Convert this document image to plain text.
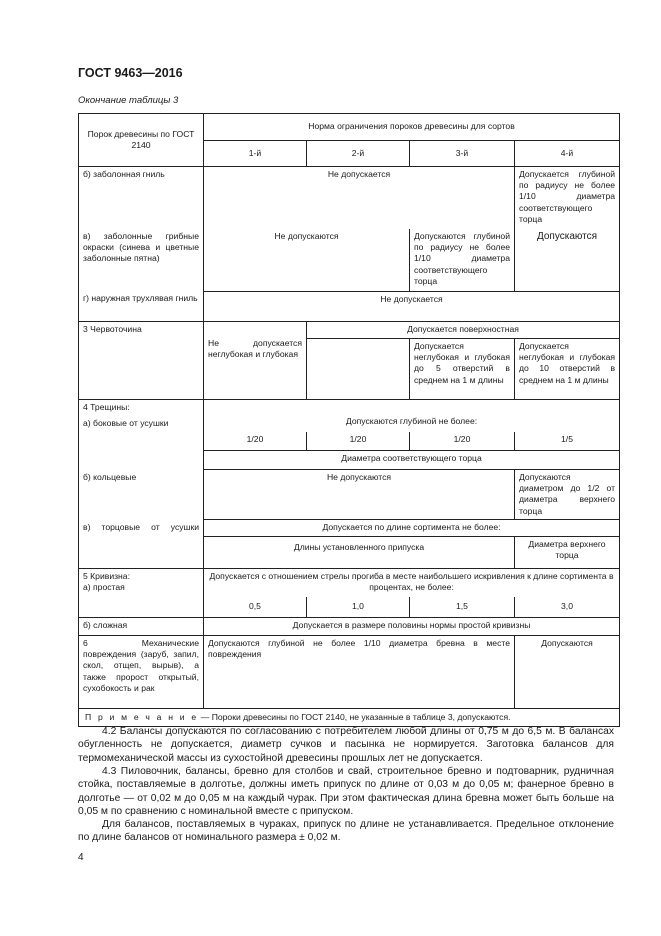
ГОСТ 9463—2016
Окончание таблицы 3
Порок древесины по ГОСТ 2140	Норма ограничения пороков древесины для сортов			
	1-й	2-й	3-й	4-й
б) заболонная гниль	Не допускается			Допускается глубиной по радиусу не более 1/10 диаметра соответствующего торца
в) заболонные грибные окраски (синева и цветные заболонные пятна)	Не допускаются		Допускаются глубиной по радиусу не более 1/10 диаметра соответствующего торца	Допускаются
г) наружная трухлявая гниль	Не допускается			
3 Червоточина	Не допускается неглубокая и глубокая	Допускается поверхностная		
			Допускается неглубокая и глубокая до 5 отверстий в среднем на 1 м длины	Допускается неглубокая и глубокая до 10 отверстий в среднем на 1 м длины

4 Трещины:
а) боковые от усушки	Допускаются глубиной не более:			
	1/20	1/20	1/20	1/5
	Диаметра соответствующего торца			
б) кольцевые	Не допускаются			Допускаются диаметром до 1/2 от диаметра верхнего торца
в) торцовые от усушки	Допускается по длине сортимента не более:			
	Длины установленного припуска			Диаметра верхнего торца

5 Кривизна:
а) простая	Допускается с отношением стрелы прогиба в месте наибольшего искривления к длине сортимента в процентах, не более:			
	0,5	1,0	1,5	3,0
б) сложная	Допускается в размере половины нормы простой кривизны			
6 Механические повреждения (заруб, запил, скол, отщеп, вырыв), а также пророст открытый, сухобокость и рак	Допускаются глубиной не более 1/10 диаметра бревна в месте повреждения			Допускаются
П р и м е ч а н и е — Пороки древесины по ГОСТ 2140, не указанные в таблице 3, допускаются.				
4.2 Балансы допускаются по согласованию с потребителем любой длины от 0,75 м до 6,5 м. В балансах обугленность не допускается, диаметр сучков и пасынка не нормируется. Заготовка балансов для термомеханической массы из сухостойной древесины прошлых лет не допускается.
4.3 Пиловочник, балансы, бревно для столбов и свай, строительное бревно и подтоварник, рудничная стойка, поставляемые в долготье, должны иметь припуск по длине от 0,03 м до 0,05 м; фанерное бревно в долготье — от 0,02 м до 0,05 м на каждый чурак. При этом фактическая длина бревна может быть больше на 0,05 м по сравнению с номинальной вместе с припуском.
Для балансов, поставляемых в чураках, припуск по длине не устанавливается. Предельное отклонение по длине балансов от номинального размера ± 0,02 м.
4
